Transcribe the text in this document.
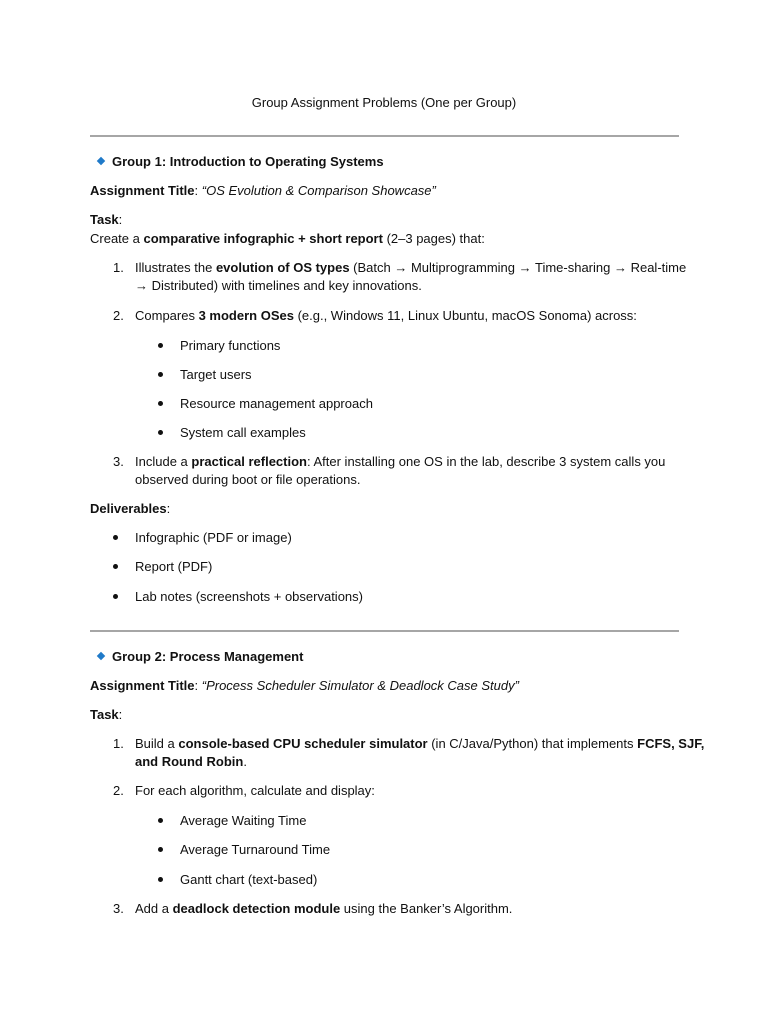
Group Assignment Problems (One per Group)
Group 1: Introduction to Operating Systems
Assignment Title: “OS Evolution & Comparison Showcase”
Task:
Create a comparative infographic + short report (2–3 pages) that:
1. Illustrates the evolution of OS types (Batch → Multiprogramming → Time-sharing → Real-time
→ Distributed) with timelines and key innovations.
2. Compares 3 modern OSes (e.g., Windows 11, Linux Ubuntu, macOS Sonoma) across:
Primary functions
Target users
Resource management approach
System call examples
3. Include a practical reflection: After installing one OS in the lab, describe 3 system calls you
observed during boot or file operations.
Deliverables:
Infographic (PDF or image)
Report (PDF)
Lab notes (screenshots + observations)
Group 2: Process Management
Assignment Title: “Process Scheduler Simulator & Deadlock Case Study”
Task:
1. Build a console-based CPU scheduler simulator (in C/Java/Python) that implements FCFS, SJF,
and Round Robin.
2. For each algorithm, calculate and display:
Average Waiting Time
Average Turnaround Time
Gantt chart (text-based)
3. Add a deadlock detection module using the Banker’s Algorithm.
